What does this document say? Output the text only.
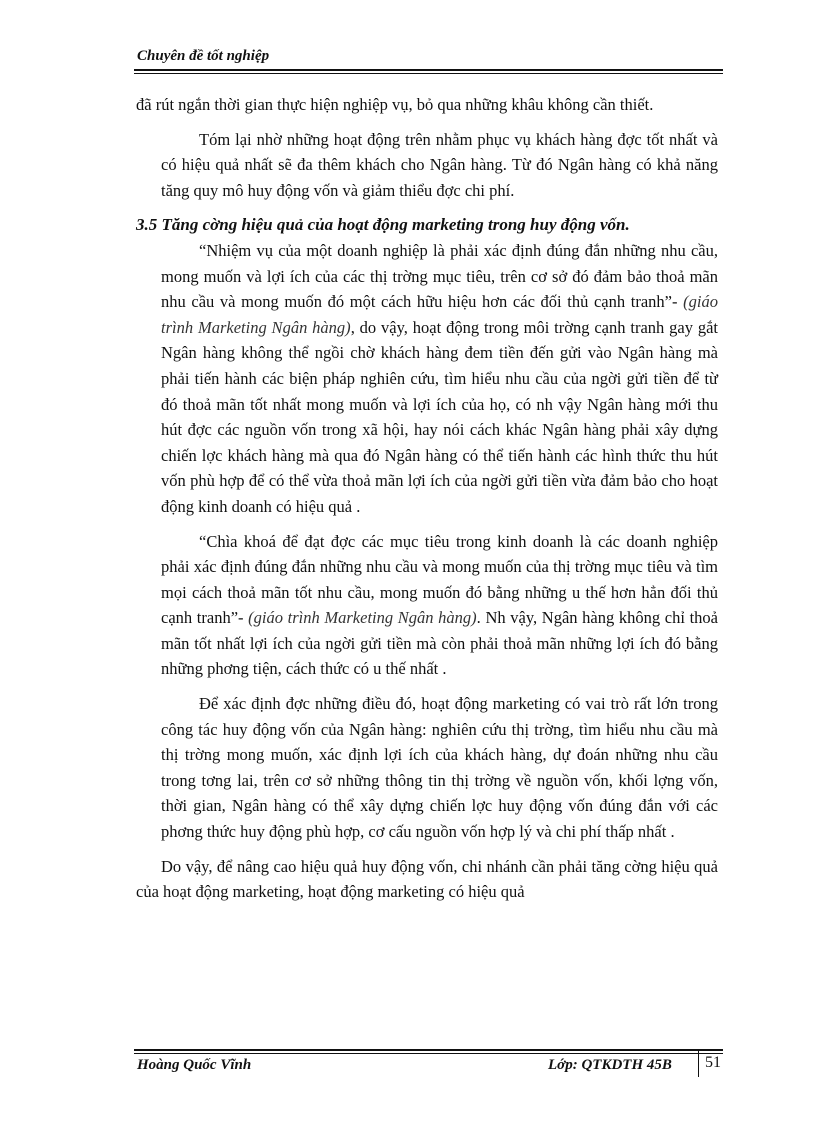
Chuyên đề tốt nghiệp

đã rút ngắn thời gian thực hiện nghiệp vụ, bỏ qua những khâu không cần thiết.

Tóm lại nhờ những hoạt động trên nhằm phục vụ khách hàng đợc tốt nhất và có hiệu quả nhất sẽ đa thêm khách cho Ngân hàng. Từ đó Ngân hàng có khả năng tăng quy mô huy động vốn và giảm thiểu đợc chi phí.

3.5 Tăng cờng hiệu quả của hoạt động marketing trong huy động vốn.

“Nhiệm vụ của một doanh nghiệp là phải xác định đúng đắn những nhu cầu, mong muốn và lợi ích của các thị trờng mục tiêu, trên cơ sở đó đảm bảo thoả mãn nhu cầu và mong muốn đó một cách hữu hiệu hơn các đối thủ cạnh tranh”- (giáo trình Marketing Ngân hàng), do vậy, hoạt động trong môi trờng cạnh tranh gay gắt Ngân hàng không thể ngồi chờ khách hàng đem tiền đến gửi vào Ngân hàng mà phải tiến hành các biện pháp nghiên cứu, tìm hiểu nhu cầu của ngời gửi tiền để từ đó thoả mãn tốt nhất mong muốn và lợi ích của họ, có nh vậy Ngân hàng mới thu hút đợc các nguồn vốn trong xã hội, hay nói cách khác Ngân hàng phải xây dựng chiến lợc khách hàng mà qua đó Ngân hàng có thể tiến hành các hình thức thu hút vốn phù hợp để có thể vừa thoả mãn lợi ích của ngời gửi tiền vừa đảm bảo cho hoạt động kinh doanh có hiệu quả .

“Chìa khoá để đạt đợc các mục tiêu trong kinh doanh là các doanh nghiệp phải xác định đúng đắn những nhu cầu và mong muốn của thị trờng mục tiêu và tìm mọi cách thoả mãn tốt nhu cầu, mong muốn đó bằng những u thế hơn hẳn đối thủ cạnh tranh”- (giáo trình Marketing Ngân hàng). Nh vậy, Ngân hàng không chỉ thoả mãn tốt nhất lợi ích của ngời gửi tiền mà còn phải thoả mãn những lợi ích đó bằng những phơng tiện, cách thức có u thế nhất .

Để xác định đợc những điều đó, hoạt động marketing có vai trò rất lớn trong công tác huy động vốn của Ngân hàng: nghiên cứu thị trờng, tìm hiểu nhu cầu mà thị trờng mong muốn, xác định lợi ích của khách hàng, dự đoán những nhu cầu trong tơng lai, trên cơ sở những thông tin thị trờng về nguồn vốn, khối lợng vốn, thời gian, Ngân hàng có thể xây dựng chiến lợc huy động vốn đúng đắn với các phơng thức huy động phù hợp, cơ cấu nguồn vốn hợp lý và chi phí thấp nhất .

Do vậy, để nâng cao hiệu quả huy động vốn, chi nhánh cần phải tăng cờng hiệu quả của hoạt động marketing, hoạt động marketing có hiệu quả

Hoàng Quốc Vĩnh	Lớp: QTKDTH 45B 51
